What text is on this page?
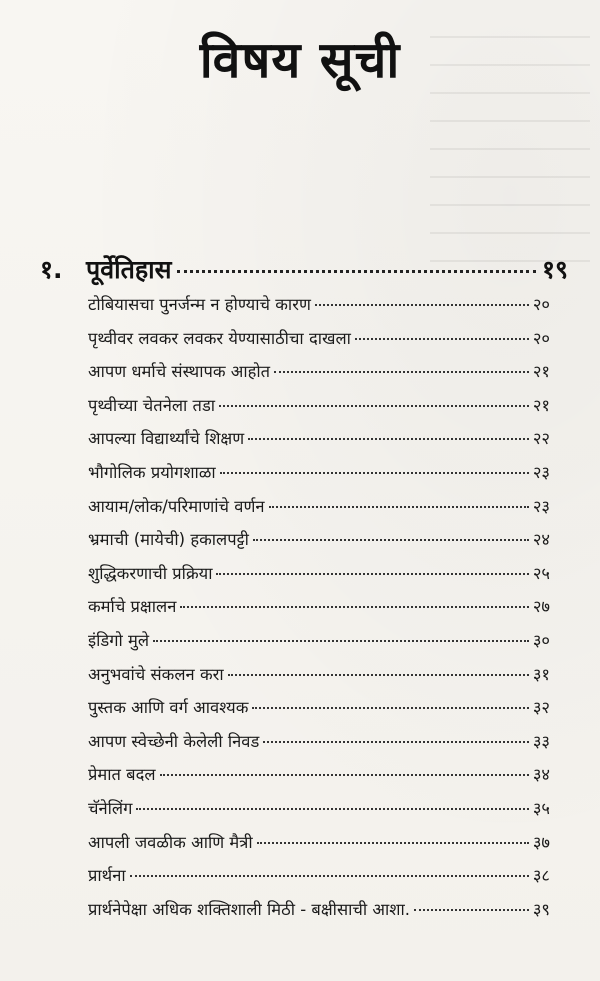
विषय सूची
१. पूर्वेतिहास	१९
टोबियासचा पुनर्जन्म न होण्याचे कारण	२०
पृथ्वीवर लवकर लवकर येण्यासाठीचा दाखला	२०
आपण धर्माचे संस्थापक आहोत	२१
पृथ्वीच्या चेतनेला तडा	२१
आपल्या विद्यार्थ्यांचे शिक्षण	२२
भौगोलिक प्रयोगशाळा	२३
आयाम/लोक/परिमाणांचे वर्णन	२३
भ्रमाची (मायेची) हकालपट्टी	२४
शुद्धिकरणाची प्रक्रिया	२५
कर्माचे प्रक्षालन	२७
इंडिगो मुले	३०
अनुभवांचे संकलन करा	३१
पुस्तक आणि वर्ग आवश्यक	३२
आपण स्वेच्छेनी केलेली निवड	३३
प्रेमात बदल	३४
चॅनेलिंग	३५
आपली जवळीक आणि मैत्री	३७
प्रार्थना	३८
प्रार्थनेपेक्षा अधिक शक्तिशाली मिठी - बक्षीसाची आशा.	३९
